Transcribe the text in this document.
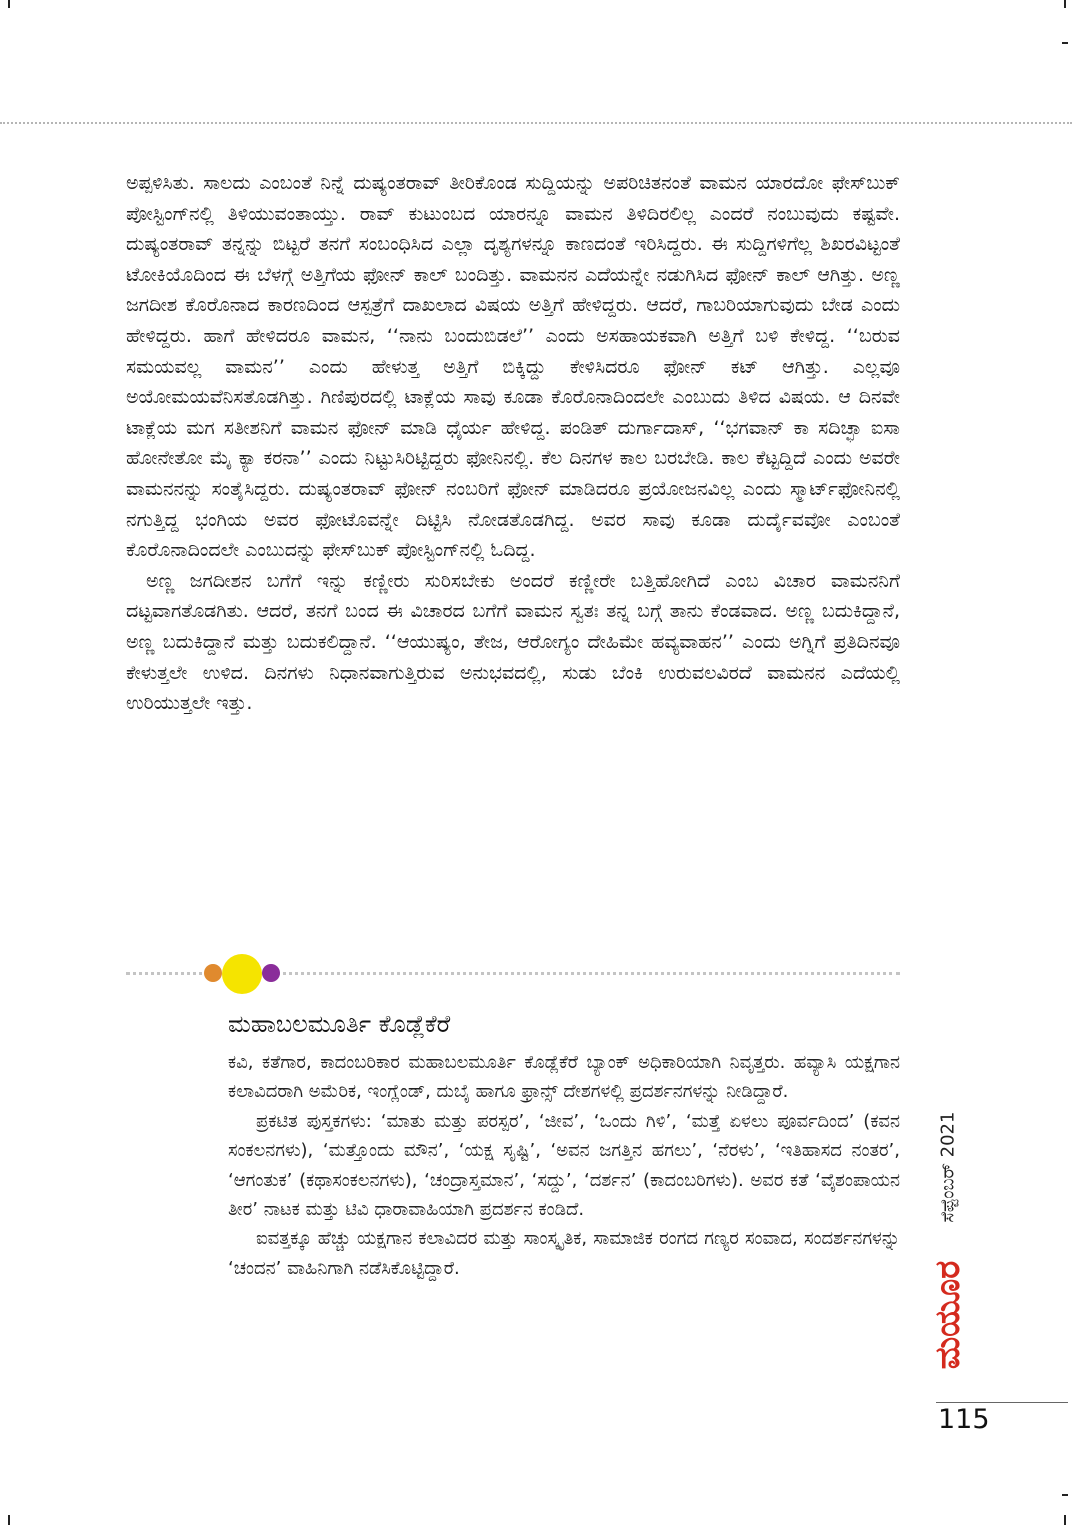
ಅಪ್ಪಳಿಸಿತು. ಸಾಲದು ಎಂಬಂತೆ ನಿನ್ನೆ ದುಷ್ಯಂತರಾವ್ ತೀರಿಕೊಂಡ ಸುದ್ದಿಯನ್ನು ಅಪರಿಚಿತನಂತೆ ವಾಮನ ಯಾರದೋ ಫೇಸ್‌ಬುಕ್ ಪೋಸ್ಟಿಂಗ್‌ನಲ್ಲಿ ತಿಳಿಯುವಂತಾಯ್ತು. ರಾವ್ ಕುಟುಂಬದ ಯಾರನ್ನೂ ವಾಮನ ತಿಳಿದಿರಲಿಲ್ಲ ಎಂದರೆ ನಂಬುವುದು ಕಷ್ಟವೇ. ದುಷ್ಯಂತರಾವ್ ತನ್ನನ್ನು ಬಿಟ್ಟರೆ ತನಗೆ ಸಂಬಂಧಿಸಿದ ಎಲ್ಲಾ ದೃಶ್ಯಗಳನ್ನೂ ಕಾಣದಂತೆ ಇರಿಸಿದ್ದರು. ಈ ಸುದ್ದಿಗಳಿಗೆಲ್ಲ ಶಿಖರವಿಟ್ಟಂತೆ ಟೋಕಿಯೊದಿಂದ ಈ ಬೆಳಗ್ಗೆ ಅತ್ತಿಗೆಯ ಫೋನ್ ಕಾಲ್ ಬಂದಿತ್ತು. ವಾಮನನ ಎದೆಯನ್ನೇ ನಡುಗಿಸಿದ ಫೋನ್ ಕಾಲ್ ಆಗಿತ್ತು. ಅಣ್ಣ ಜಗದೀಶ ಕೊರೊನಾದ ಕಾರಣದಿಂದ ಆಸ್ಪತ್ರೆಗೆ ದಾಖಲಾದ ವಿಷಯ ಅತ್ತಿಗೆ ಹೇಳಿದ್ದರು. ಆದರೆ, ಗಾಬರಿಯಾಗುವುದು ಬೇಡ ಎಂದು ಹೇಳಿದ್ದರು. ಹಾಗೆ ಹೇಳಿದರೂ ವಾಮನ, ‘‘ನಾನು ಬಂದುಬಿಡಲೆ’’ ಎಂದು ಅಸಹಾಯಕವಾಗಿ ಅತ್ತಿಗೆ ಬಳಿ ಕೇಳಿದ್ದ. ‘‘ಬರುವ ಸಮಯವಲ್ಲ ವಾಮನ’’ ಎಂದು ಹೇಳುತ್ತ ಅತ್ತಿಗೆ ಬಿಕ್ಕಿದ್ದು ಕೇಳಿಸಿದರೂ ಫೋನ್ ಕಟ್ ಆಗಿತ್ತು. ಎಲ್ಲವೂ ಅಯೋಮಯವೆನಿಸತೊಡಗಿತ್ತು. ಗಿಣಿಪುರದಲ್ಲಿ ಟಾಕ್ಲೆಯ ಸಾವು ಕೂಡಾ ಕೊರೊನಾದಿಂದಲೇ ಎಂಬುದು ತಿಳಿದ ವಿಷಯ. ಆ ದಿನವೇ ಟಾಕ್ಲೆಯ ಮಗ ಸತೀಶನಿಗೆ ವಾಮನ ಫೋನ್ ಮಾಡಿ ಧೈರ್ಯ ಹೇಳಿದ್ದ. ಪಂಡಿತ್ ದುರ್ಗಾದಾಸ್, ‘‘ಭಗವಾನ್ ಕಾ ಸದಿಚ್ಛಾ ಐಸಾ ಹೋನೇತೋ ಮೈ ಕ್ಯಾ ಕರನಾ’’ ಎಂದು ನಿಟ್ಟುಸಿರಿಟ್ಟಿದ್ದರು ಫೋನಿನಲ್ಲಿ. ಕೆಲ ದಿನಗಳ ಕಾಲ ಬರಬೇಡಿ. ಕಾಲ ಕೆಟ್ಟದ್ದಿದೆ ಎಂದು ಅವರೇ ವಾಮನನನ್ನು ಸಂತೈಸಿದ್ದರು. ದುಷ್ಯಂತರಾವ್ ಫೋನ್ ನಂಬರಿಗೆ ಫೋನ್ ಮಾಡಿದರೂ ಪ್ರಯೋಜನವಿಲ್ಲ ಎಂದು ಸ್ಮಾರ್ಟ್‌ಫೋನಿನಲ್ಲಿ ನಗುತ್ತಿದ್ದ ಭಂಗಿಯ ಅವರ ಫೋಟೊವನ್ನೇ ದಿಟ್ಟಿಸಿ ನೋಡತೊಡಗಿದ್ದ. ಅವರ ಸಾವು ಕೂಡಾ ದುರ್ದೈವವೋ ಎಂಬಂತೆ ಕೊರೊನಾದಿಂದಲೇ ಎಂಬುದನ್ನು ಫೇಸ್‌ಬುಕ್ ಪೋಸ್ಟಿಂಗ್‌ನಲ್ಲಿ ಓದಿದ್ದ.

ಅಣ್ಣ ಜಗದೀಶನ ಬಗೆಗೆ ಇನ್ನು ಕಣ್ಣೀರು ಸುರಿಸಬೇಕು ಅಂದರೆ ಕಣ್ಣೀರೇ ಬತ್ತಿಹೋಗಿದೆ ಎಂಬ ವಿಚಾರ ವಾಮನನಿಗೆ ದಟ್ಟವಾಗತೊಡಗಿತು. ಆದರೆ, ತನಗೆ ಬಂದ ಈ ವಿಚಾರದ ಬಗೆಗೆ ವಾಮನ ಸ್ವತಃ ತನ್ನ ಬಗ್ಗೆ ತಾನು ಕೆಂಡವಾದ. ಅಣ್ಣ ಬದುಕಿದ್ದಾನೆ, ಅಣ್ಣ ಬದುಕಿದ್ದಾನೆ ಮತ್ತು ಬದುಕಲಿದ್ದಾನೆ. ‘‘ಆಯುಷ್ಯಂ, ತೇಜ, ಆರೋಗ್ಯಂ ದೇಹಿಮೇ ಹವ್ಯವಾಹನ’’ ಎಂದು ಅಗ್ನಿಗೆ ಪ್ರತಿದಿನವೂ ಕೇಳುತ್ತಲೇ ಉಳಿದ. ದಿನಗಳು ನಿಧಾನವಾಗುತ್ತಿರುವ ಅನುಭವದಲ್ಲಿ, ಸುಡು ಬೆಂಕಿ ಉರುವಲವಿರದೆ ವಾಮನನ ಎದೆಯಲ್ಲಿ ಉರಿಯುತ್ತಲೇ ಇತ್ತು.

ಮಹಾಬಲಮೂರ್ತಿ ಕೊಡ್ಲೆಕೆರೆ

ಕವಿ, ಕತೆಗಾರ, ಕಾದಂಬರಿಕಾರ ಮಹಾಬಲಮೂರ್ತಿ ಕೊಡ್ಲೆಕೆರೆ ಬ್ಯಾಂಕ್ ಅಧಿಕಾರಿಯಾಗಿ ನಿವೃತ್ತರು. ಹವ್ಯಾಸಿ ಯಕ್ಷಗಾನ ಕಲಾವಿದರಾಗಿ ಅಮೆರಿಕ, ಇಂಗ್ಲೆಂಡ್, ದುಬೈ ಹಾಗೂ ಫ್ರಾನ್ಸ್ ದೇಶಗಳಲ್ಲಿ ಪ್ರದರ್ಶನಗಳನ್ನು ನೀಡಿದ್ದಾರೆ.

ಪ್ರಕಟಿತ ಪುಸ್ತಕಗಳು: ‘ಮಾತು ಮತ್ತು ಪರಸ್ಪರ’, ‘ಜೀವ’, ‘ಒಂದು ಗಿಳಿ’, ‘ಮತ್ತೆ ಏಳಲು ಪೂರ್ವದಿಂದ’ (ಕವನ ಸಂಕಲನಗಳು), ‘ಮತ್ತೊಂದು ಮೌನ’, ‘ಯಕ್ಷ ಸೃಷ್ಟಿ’, ‘ಅವನ ಜಗತ್ತಿನ ಹಗಲು’, ‘ನೆರಳು’, ‘ಇತಿಹಾಸದ ನಂತರ’, ‘ಆಗಂತುಕ’ (ಕಥಾಸಂಕಲನಗಳು), ‘ಚಂದ್ರಾಸ್ತಮಾನ’, ‘ಸದ್ದು’, ‘ದರ್ಶನ’ (ಕಾದಂಬರಿಗಳು). ಅವರ ಕತೆ ‘ವೈಶಂಪಾಯನ ತೀರ’ ನಾಟಕ ಮತ್ತು ಟಿವಿ ಧಾರಾವಾಹಿಯಾಗಿ ಪ್ರದರ್ಶನ ಕಂಡಿದೆ.

ಐವತ್ತಕ್ಕೂ ಹೆಚ್ಚು ಯಕ್ಷಗಾನ ಕಲಾವಿದರ ಮತ್ತು ಸಾಂಸ್ಕೃತಿಕ, ಸಾಮಾಜಿಕ ರಂಗದ ಗಣ್ಯರ ಸಂವಾದ, ಸಂದರ್ಶನಗಳನ್ನು ‘ಚಂದನ’ ವಾಹಿನಿಗಾಗಿ ನಡೆಸಿಕೊಟ್ಟಿದ್ದಾರೆ.

ಸೆಪ್ಟೆಂಬರ್ 2021
ಮಯೂರ
115
